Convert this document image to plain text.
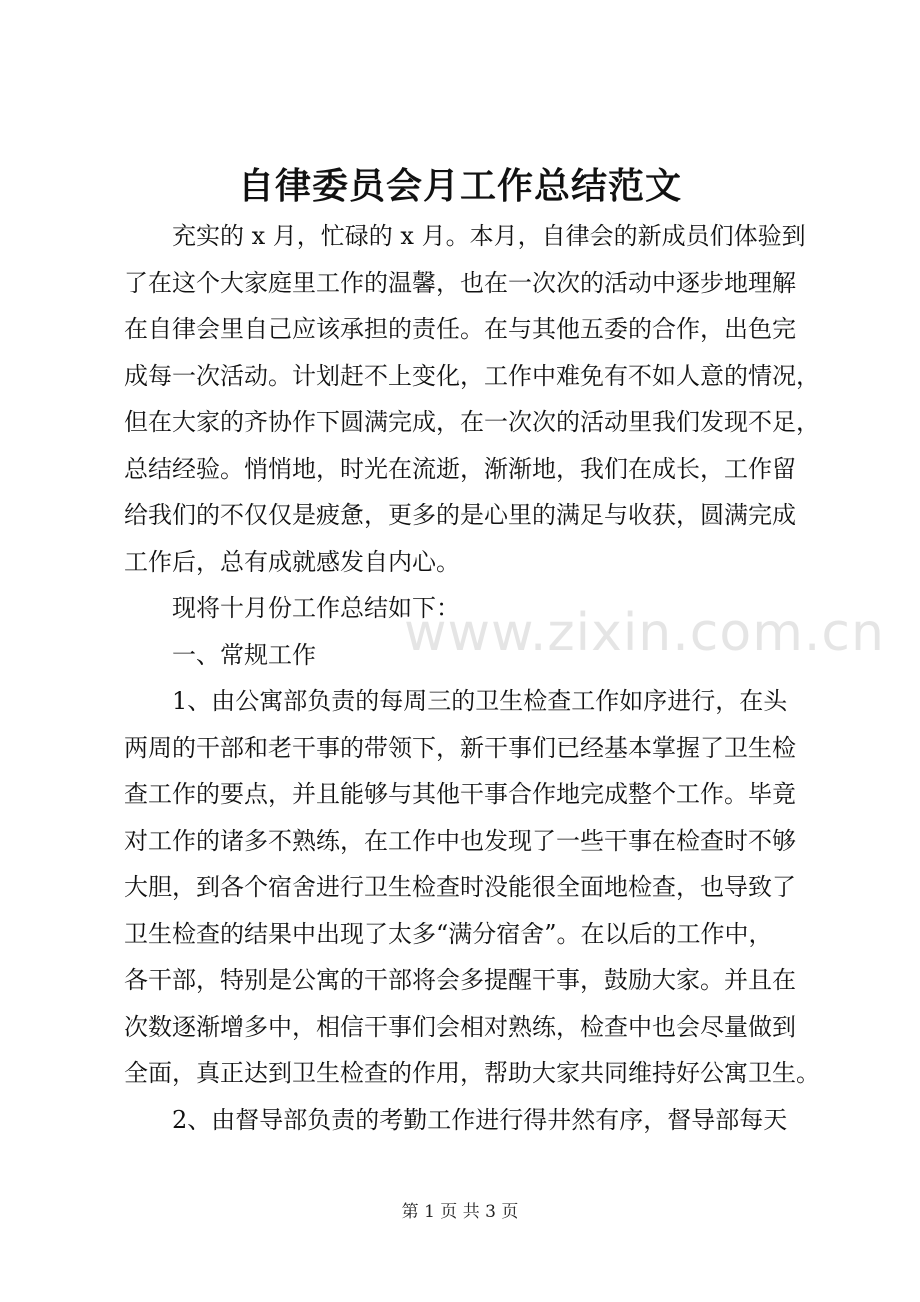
自律委员会月工作总结范文
www.zixin.com.cn
充实的 x 月，忙碌的 x 月。本月，自律会的新成员们体验到
了在这个大家庭里工作的温馨，也在一次次的活动中逐步地理解
在自律会里自己应该承担的责任。在与其他五委的合作，出色完
成每一次活动。计划赶不上变化，工作中难免有不如人意的情况，
但在大家的齐协作下圆满完成，在一次次的活动里我们发现不足，
总结经验。悄悄地，时光在流逝，渐渐地，我们在成长，工作留
给我们的不仅仅是疲惫，更多的是心里的满足与收获，圆满完成
工作后，总有成就感发自内心。
现将十月份工作总结如下：
一、常规工作
1、由公寓部负责的每周三的卫生检查工作如序进行，在头
两周的干部和老干事的带领下，新干事们已经基本掌握了卫生检
查工作的要点，并且能够与其他干事合作地完成整个工作。毕竟
对工作的诸多不熟练，在工作中也发现了一些干事在检查时不够
大胆，到各个宿舍进行卫生检查时没能很全面地检查，也导致了
卫生检查的结果中出现了太多“满分宿舍”。在以后的工作中，
各干部，特别是公寓的干部将会多提醒干事，鼓励大家。并且在
次数逐渐增多中，相信干事们会相对熟练，检查中也会尽量做到
全面，真正达到卫生检查的作用，帮助大家共同维持好公寓卫生。
2、由督导部负责的考勤工作进行得井然有序，督导部每天
第 1 页 共 3 页
